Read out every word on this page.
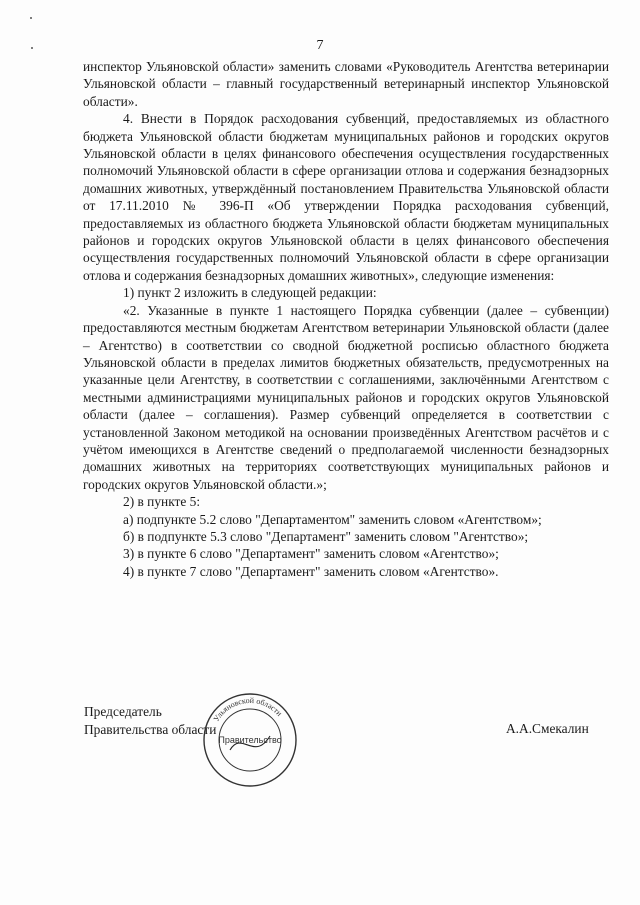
7

инспектор Ульяновской области» заменить словами «Руководитель Агентства ветеринарии Ульяновской области – главный государственный ветеринарный инспектор Ульяновской области».

4. Внести в Порядок расходования субвенций, предоставляемых из областного бюджета Ульяновской области бюджетам муниципальных районов и городских округов Ульяновской области в целях финансового обеспечения осуществления государственных полномочий Ульяновской области в сфере организации отлова и содержания безнадзорных домашних животных, утверждённый постановлением Правительства Ульяновской области от 17.11.2010 № 396-П «Об утверждении Порядка расходования субвенций, предоставляемых из областного бюджета Ульяновской области бюджетам муниципальных районов и городских округов Ульяновской области в целях финансового обеспечения осуществления государственных полномочий Ульяновской области в сфере организации отлова и содержания безнадзорных домашних животных», следующие изменения:

1) пункт 2 изложить в следующей редакции:

«2. Указанные в пункте 1 настоящего Порядка субвенции (далее – субвенции) предоставляются местным бюджетам Агентством ветеринарии Ульяновской области (далее – Агентство) в соответствии со сводной бюджетной росписью областного бюджета Ульяновской области в пределах лимитов бюджетных обязательств, предусмотренных на указанные цели Агентству, в соответствии с соглашениями, заключёнными Агентством с местными администрациями муниципальных районов и городских округов Ульяновской области (далее – соглашения). Размер субвенций определяется в соответствии с установленной Законом методикой на основании произведённых Агентством расчётов и с учётом имеющихся в Агентстве сведений о предполагаемой численности безнадзорных домашних животных на территориях соответствующих муниципальных районов и городских округов Ульяновской области.»;

2) в пункте 5:

а) подпункте 5.2 слово "Департаментом" заменить словом «Агентством»;

б) в подпункте 5.3 слово "Департамент" заменить словом "Агентство»;

3) в пункте 6 слово "Департамент" заменить словом «Агентство»;

4) в пункте 7 слово "Департамент" заменить словом «Агентство».

Председатель
Правительства области
Ульяновской области
Правительство
А.А.Смекалин
